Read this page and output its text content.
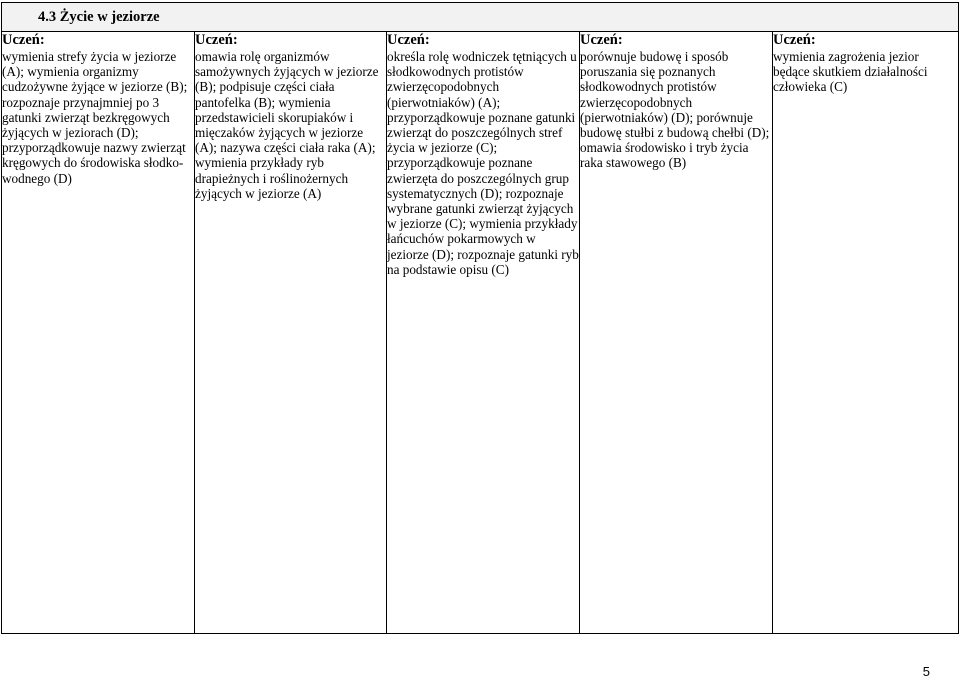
4.3 Życie w jeziorze

Uczeń:
wymienia strefy życia w jeziorze (A); wymienia organizmy cudzożywne żyjące w jeziorze (B); rozpoznaje przynajmniej po 3 gatunki zwierząt bezkręgowych żyjących w jeziorach (D); przyporządkowuje nazwy zwierząt kręgowych do środowiska słodko-wodnego (D)

Uczeń:
omawia rolę organizmów samożywnych żyjących w jeziorze (B); podpisuje części ciała pantofelka (B); wymienia przedstawicieli skorupiaków i mięczaków żyjących w jeziorze (A); nazywa części ciała raka (A); wymienia przykłady ryb drapieżnych i roślinożernych żyjących w jeziorze (A)

Uczeń:
określa rolę wodniczek tętniących u słodkowodnych protistów zwierzęcopodobnych (pierwotniaków) (A); przyporządkowuje poznane gatunki zwierząt do poszczególnych stref życia w jeziorze (C); przyporządkowuje poznane zwierzęta do poszczególnych grup systematycznych (D); rozpoznaje wybrane gatunki zwierząt żyjących w jeziorze (C); wymienia przykłady łańcuchów pokarmowych w jeziorze (D); rozpoznaje gatunki ryb na podstawie opisu (C)

Uczeń:
porównuje budowę i sposób poruszania się poznanych słodkowodnych protistów zwierzęcopodobnych (pierwotniaków) (D); porównuje budowę stułbi z budową chełbi (D); omawia środowisko i tryb życia raka stawowego (B)

Uczeń:
wymienia zagrożenia jezior będące skutkiem działalności człowieka (C)
5
